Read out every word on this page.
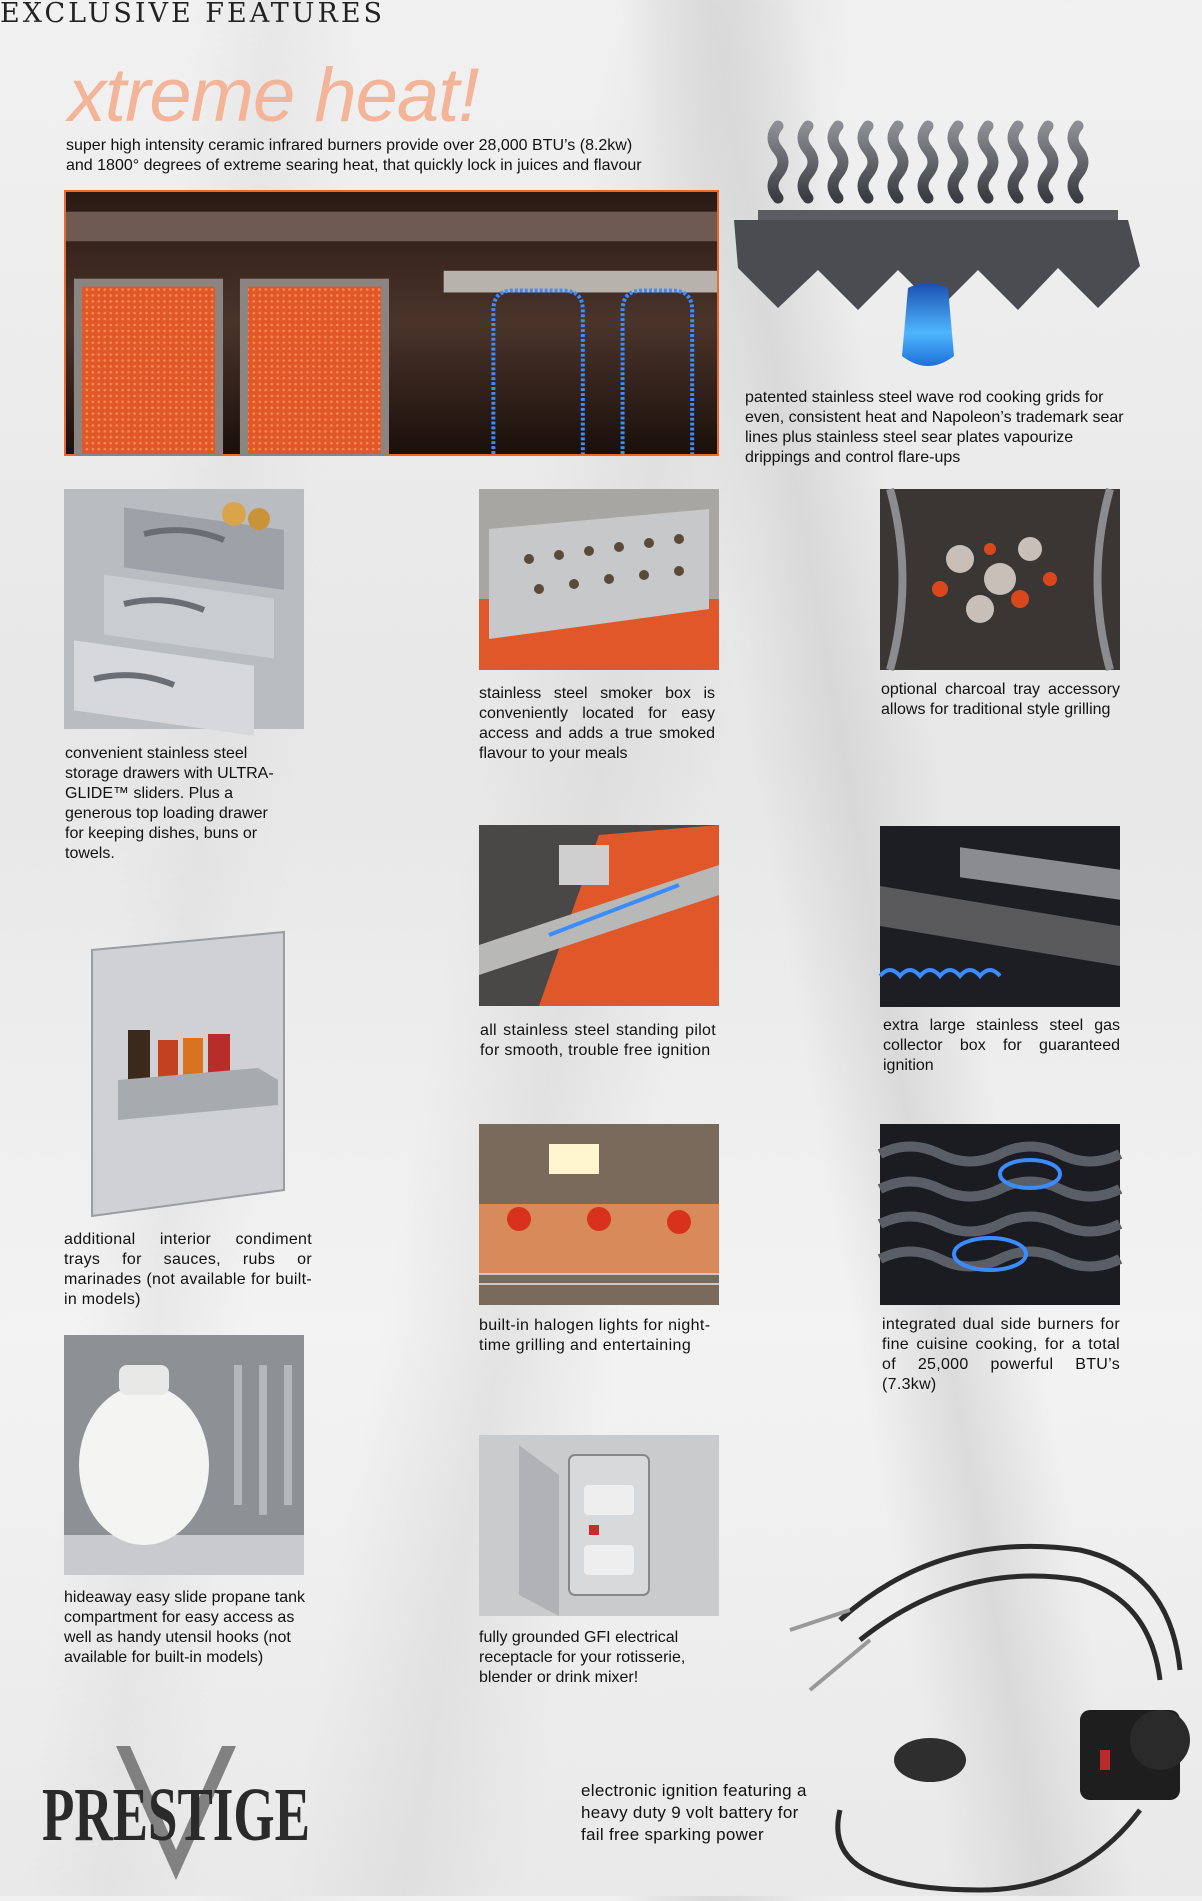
EXCLUSIVE FEATURES
xtreme heat!
super high intensity ceramic infrared burners provide over 28,000 BTU’s (8.2kw)
and 1800° degrees of extreme searing heat, that quickly lock in juices and flavour
patented stainless steel wave rod cooking grids for even, consistent heat and Napoleon’s trademark sear lines plus stainless steel sear plates vapourize drippings and control flare-ups
convenient stainless steel storage drawers with ULTRA-GLIDE™ sliders. Plus a generous top loading drawer for keeping dishes, buns or towels.
additional interior condiment trays for sauces, rubs or marinades (not available for built-in models)
hideaway easy slide propane tank compartment for easy access as well as handy utensil hooks (not available for built-in models)
stainless steel smoker box is conveniently located for easy access and adds a true smoked flavour to your meals
all stainless steel standing pilot for smooth, trouble free ignition
built-in halogen lights for night-time grilling and entertaining
fully grounded GFI electrical receptacle for your rotisserie, blender or drink mixer!
optional charcoal tray accessory allows for traditional style grilling
extra large stainless steel gas collector box for guaranteed ignition
integrated dual side burners for fine cuisine cooking, for a total of 25,000 powerful BTU’s (7.3kw)
electronic ignition featuring a heavy duty 9 volt battery for fail free sparking power
PRESTIGE
